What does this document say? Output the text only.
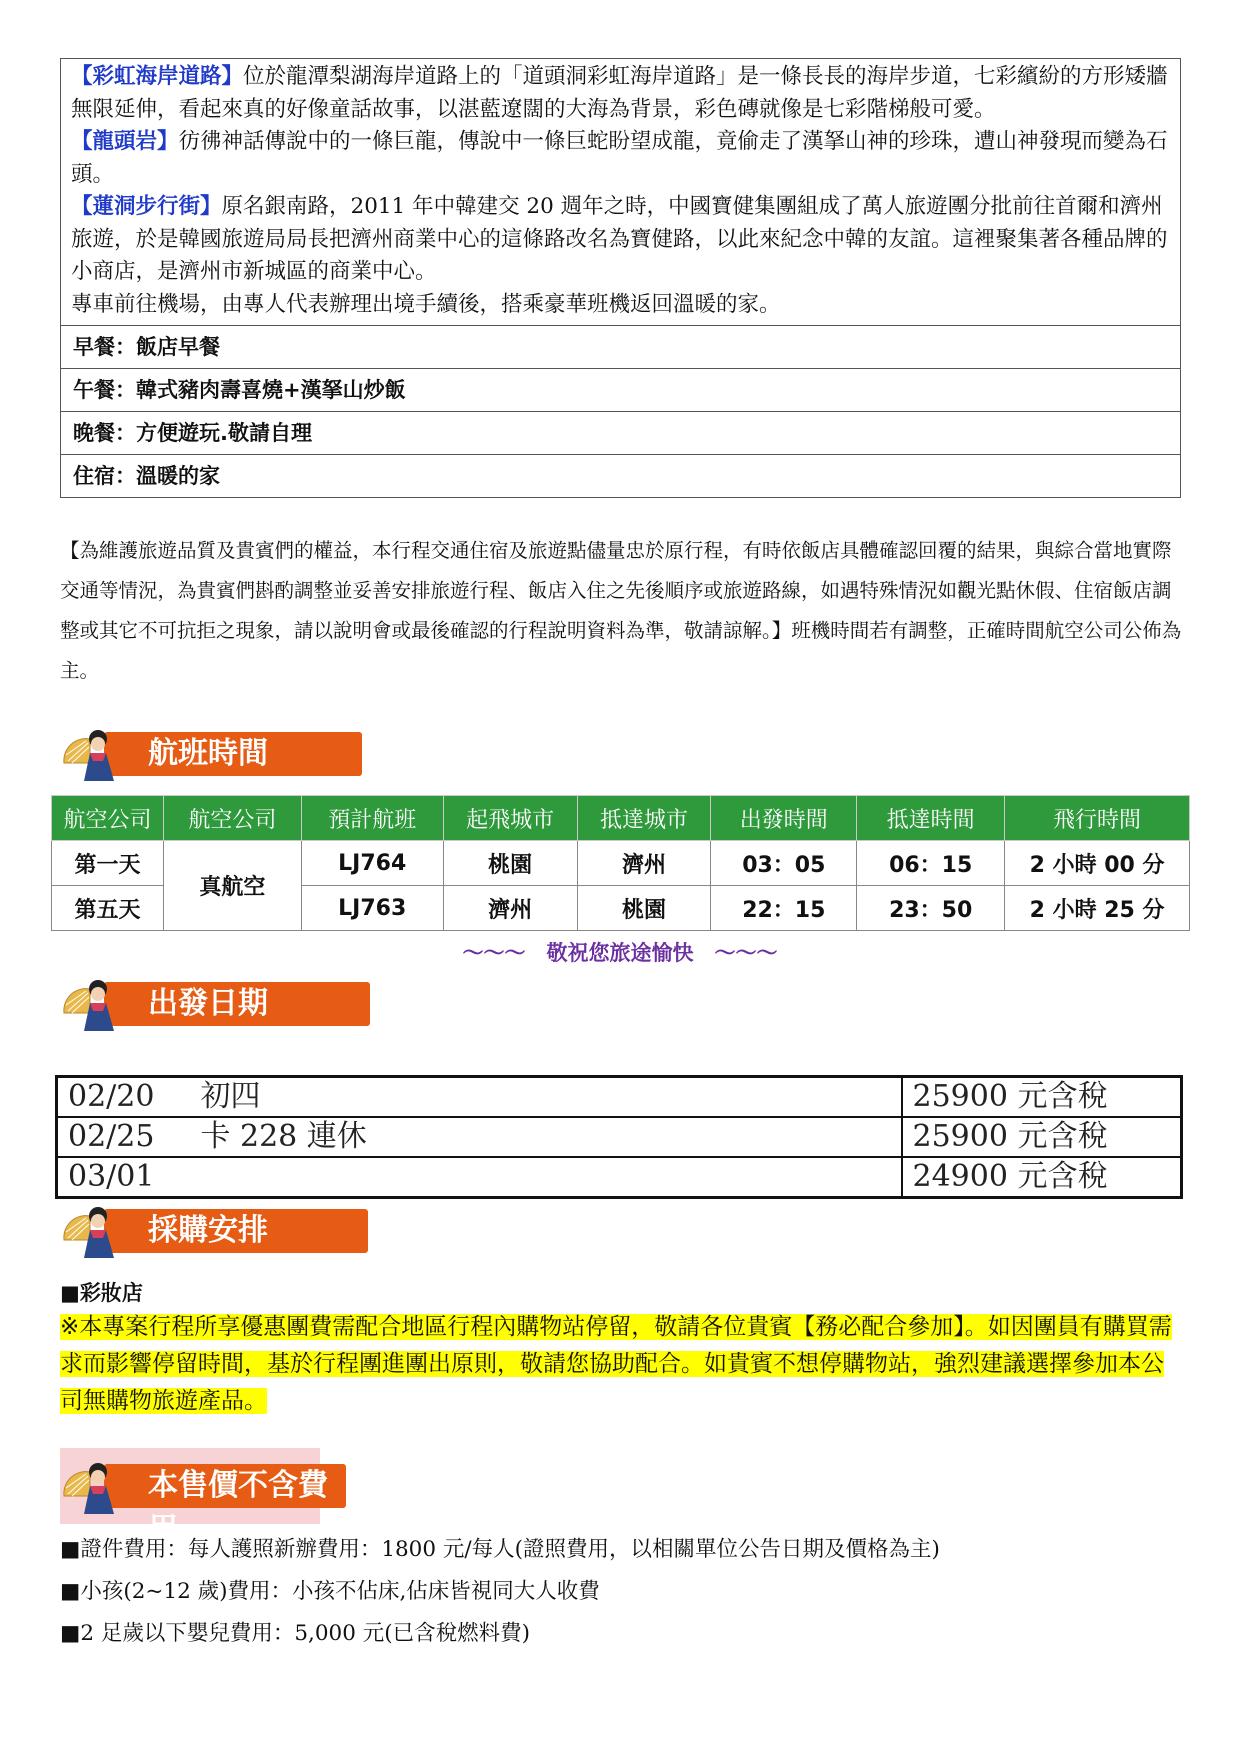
【彩虹海岸道路】位於龍潭梨湖海岸道路上的「道頭洞彩虹海岸道路」是一條長長的海岸步道，七彩繽紛的方形矮牆無限延伸，看起來真的好像童話故事，以湛藍遼闊的大海為背景，彩色磚就像是七彩階梯般可愛。
【龍頭岩】彷彿神話傳說中的一條巨龍，傳說中一條巨蛇盼望成龍，竟偷走了漢拏山神的珍珠，遭山神發現而變為石頭。
【蓮洞步行街】原名銀南路，2011 年中韓建交 20 週年之時，中國寶健集團組成了萬人旅遊團分批前往首爾和濟州旅遊，於是韓國旅遊局局長把濟州商業中心的這條路改名為寶健路，以此來紀念中韓的友誼。這裡聚集著各種品牌的小商店，是濟州市新城區的商業中心。
專車前往機場，由專人代表辦理出境手續後，搭乘豪華班機返回溫暖的家。
早餐：飯店早餐
午餐：韓式豬肉壽喜燒+漢拏山炒飯
晚餐：方便遊玩.敬請自理
住宿：溫暖的家
【為維護旅遊品質及貴賓們的權益，本行程交通住宿及旅遊點儘量忠於原行程，有時依飯店具體確認回覆的結果，與綜合當地實際交通等情況，為貴賓們斟酌調整並妥善安排旅遊行程、飯店入住之先後順序或旅遊路線，如遇特殊情況如觀光點休假、住宿飯店調整或其它不可抗拒之現象，請以說明會或最後確認的行程說明資料為準，敬請諒解。】班機時間若有調整，正確時間航空公司公佈為主。
航班時間
航空公司	航空公司	預計航班	起飛城市	抵達城市	出發時間	抵達時間	飛行時間
第一天	真航空	LJ764	桃園	濟州	03：05	06：15	2 小時 00 分
第五天		LJ763	濟州	桃園	22：15	23：50	2 小時 25 分
～～～　敬祝您旅途愉快　～～～
出發日期
02/20 初四	25900 元含稅
02/25 卡 228 連休	25900 元含稅
03/01	24900 元含稅
採購安排
■彩妝店
※本專案行程所享優惠團費需配合地區行程內購物站停留，敬請各位貴賓【務必配合參加】。如因團員有購買需求而影響停留時間，基於行程團進團出原則，敬請您協助配合。如貴賓不想停購物站，強烈建議選擇參加本公司無購物旅遊產品。
本售價不含費用
■證件費用：每人護照新辦費用：1800 元/每人(證照費用，以相關單位公告日期及價格為主)
■小孩(2~12 歲)費用：小孩不佔床,佔床皆視同大人收費
■2 足歲以下嬰兒費用：5,000 元(已含稅燃料費)
